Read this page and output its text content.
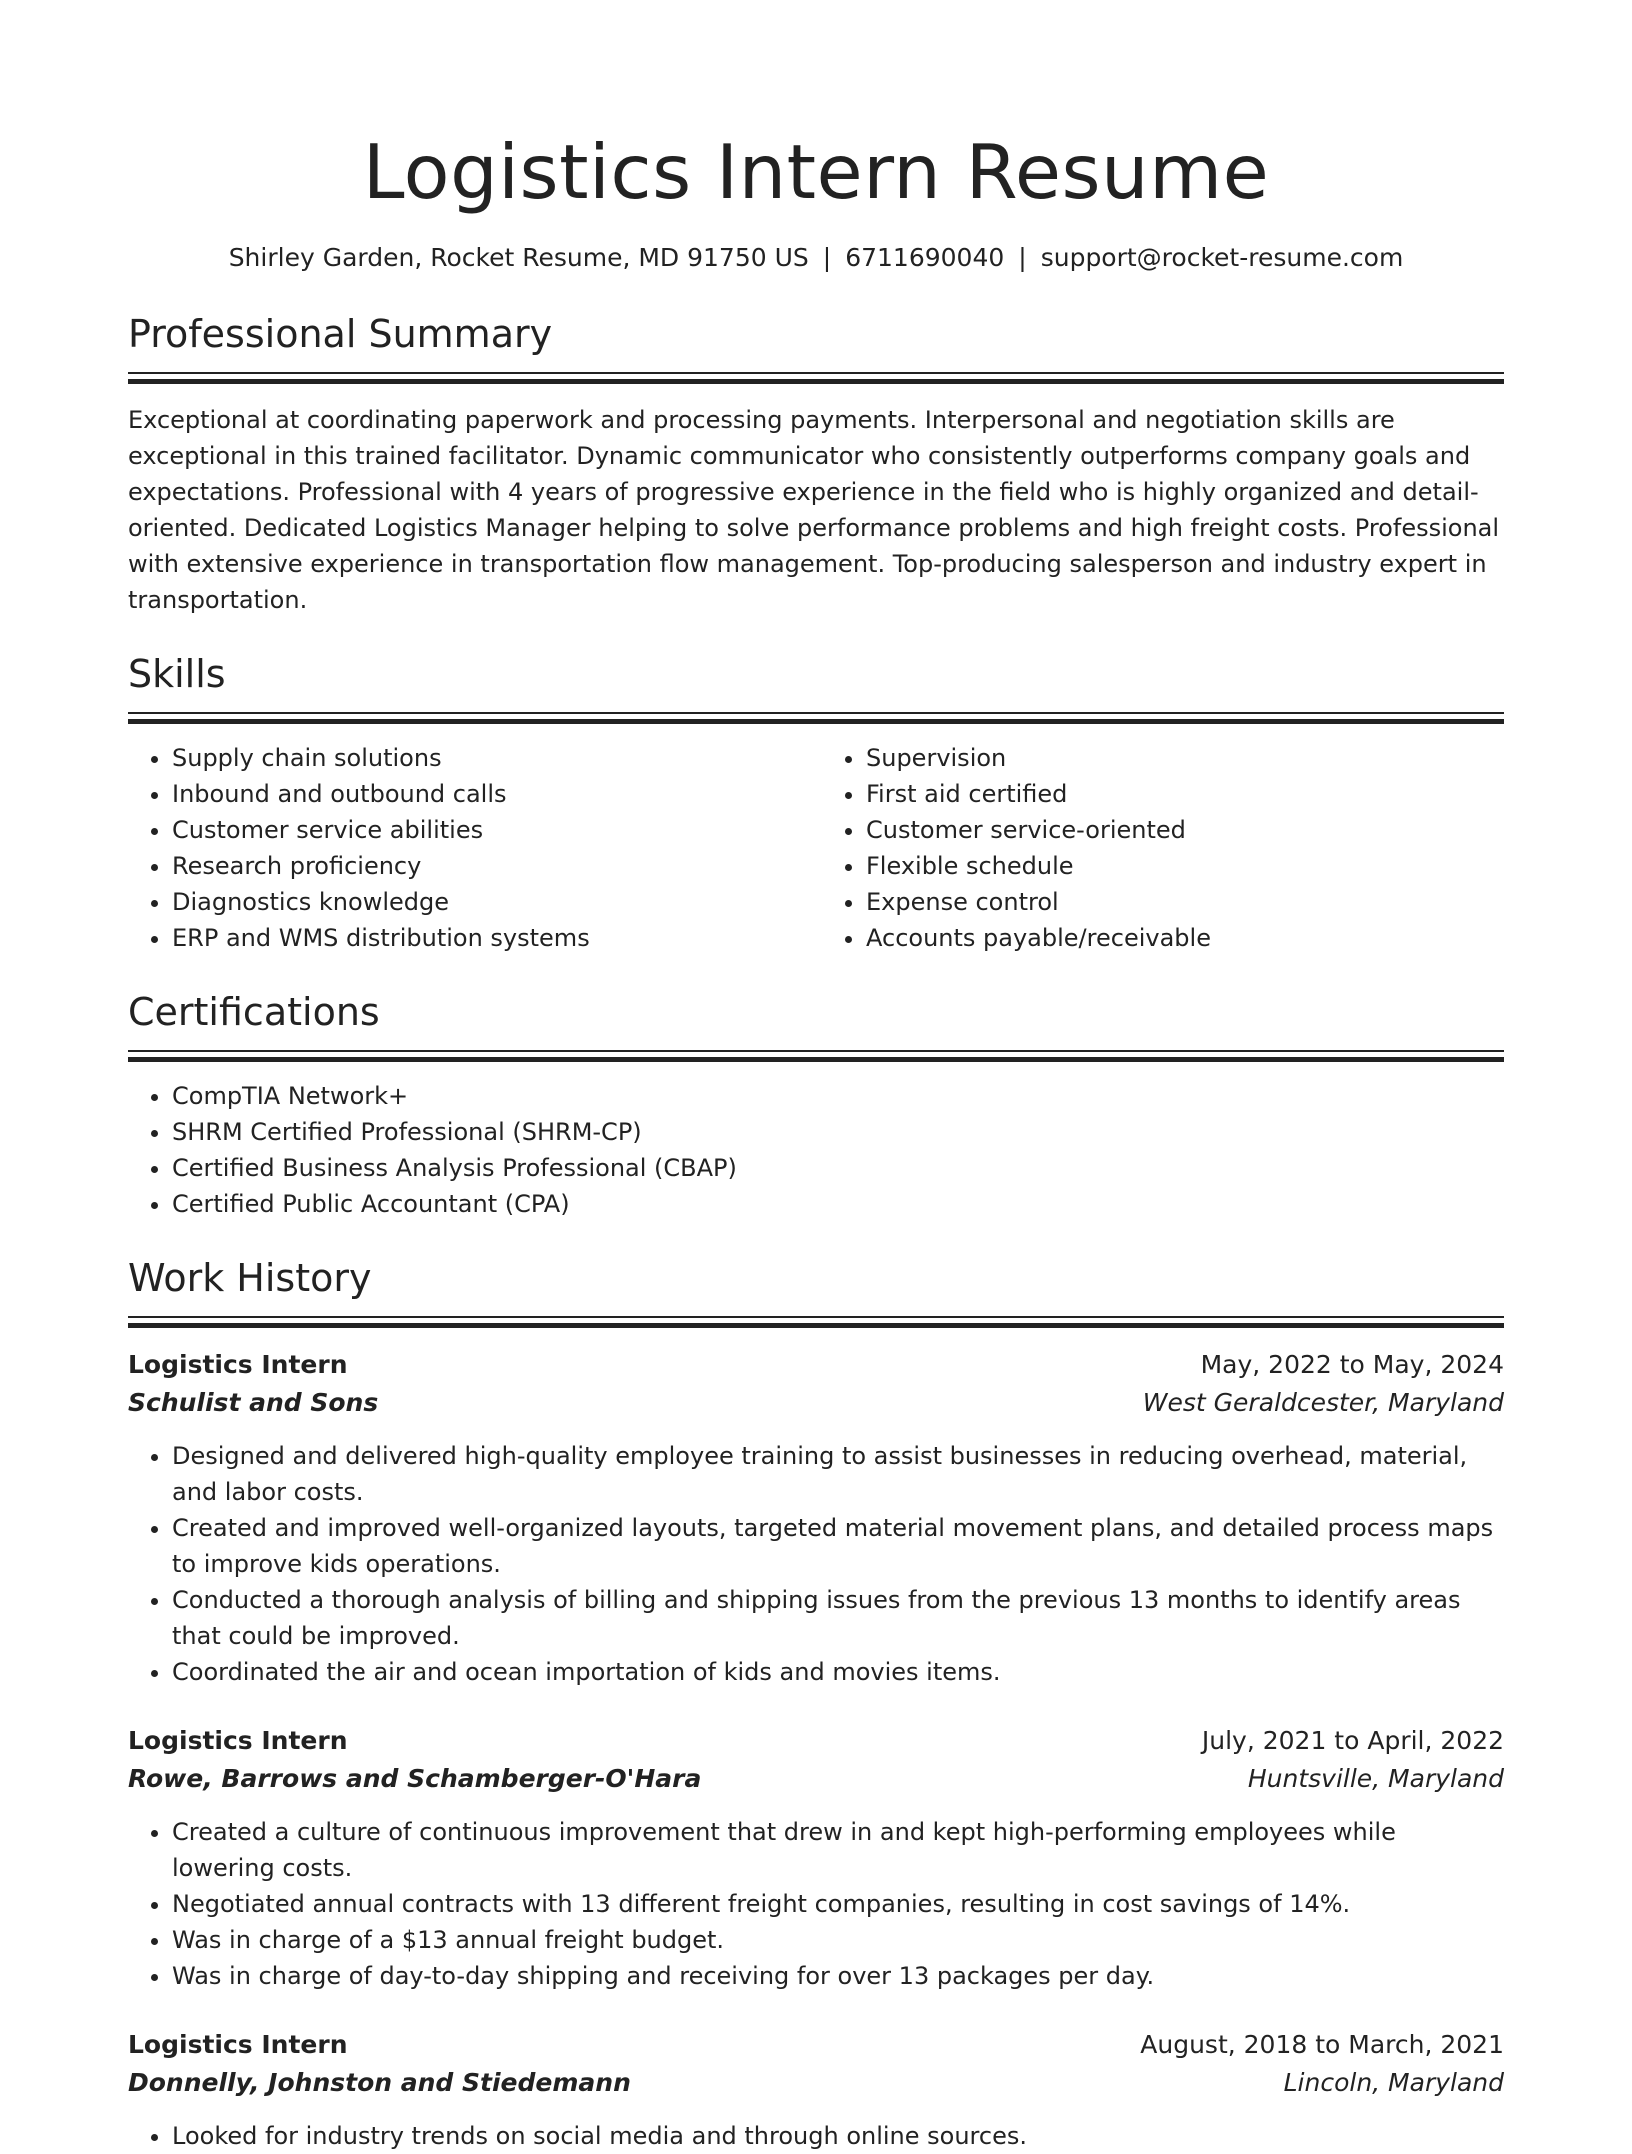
Logistics Intern Resume
Shirley Garden, Rocket Resume, MD 91750 US | 6711690040 | support@rocket-resume.com
Professional Summary

Exceptional at coordinating paperwork and processing payments. Interpersonal and negotiation skills are exceptional in this trained facilitator. Dynamic communicator who consistently outperforms company goals and expectations. Professional with 4 years of progressive experience in the field who is highly organized and detail-oriented. Dedicated Logistics Manager helping to solve performance problems and high freight costs. Professional with extensive experience in transportation flow management. Top-producing salesperson and industry expert in transportation.

Skills
• Supply chain solutions
• Inbound and outbound calls
• Customer service abilities
• Research proficiency
• Diagnostics knowledge
• ERP and WMS distribution systems
• Supervision
• First aid certified
• Customer service-oriented
• Flexible schedule
• Expense control
• Accounts payable/receivable
Certifications
• CompTIA Network+
• SHRM Certified Professional (SHRM-CP)
• Certified Business Analysis Professional (CBAP)
• Certified Public Accountant (CPA)
Work History
Logistics Intern	May, 2022 to May, 2024
Schulist and Sons	West Geraldcester, Maryland
• Designed and delivered high-quality employee training to assist businesses in reducing overhead, material, and labor costs.
• Created and improved well-organized layouts, targeted material movement plans, and detailed process maps to improve kids operations.
• Conducted a thorough analysis of billing and shipping issues from the previous 13 months to identify areas that could be improved.
• Coordinated the air and ocean importation of kids and movies items.
Logistics Intern	July, 2021 to April, 2022
Rowe, Barrows and Schamberger-O'Hara	Huntsville, Maryland
• Created a culture of continuous improvement that drew in and kept high-performing employees while lowering costs.
• Negotiated annual contracts with 13 different freight companies, resulting in cost savings of 14%.
• Was in charge of a $13 annual freight budget.
• Was in charge of day-to-day shipping and receiving for over 13 packages per day.
Logistics Intern	August, 2018 to March, 2021
Donnelly, Johnston and Stiedemann	Lincoln, Maryland
• Looked for industry trends on social media and through online sources.
